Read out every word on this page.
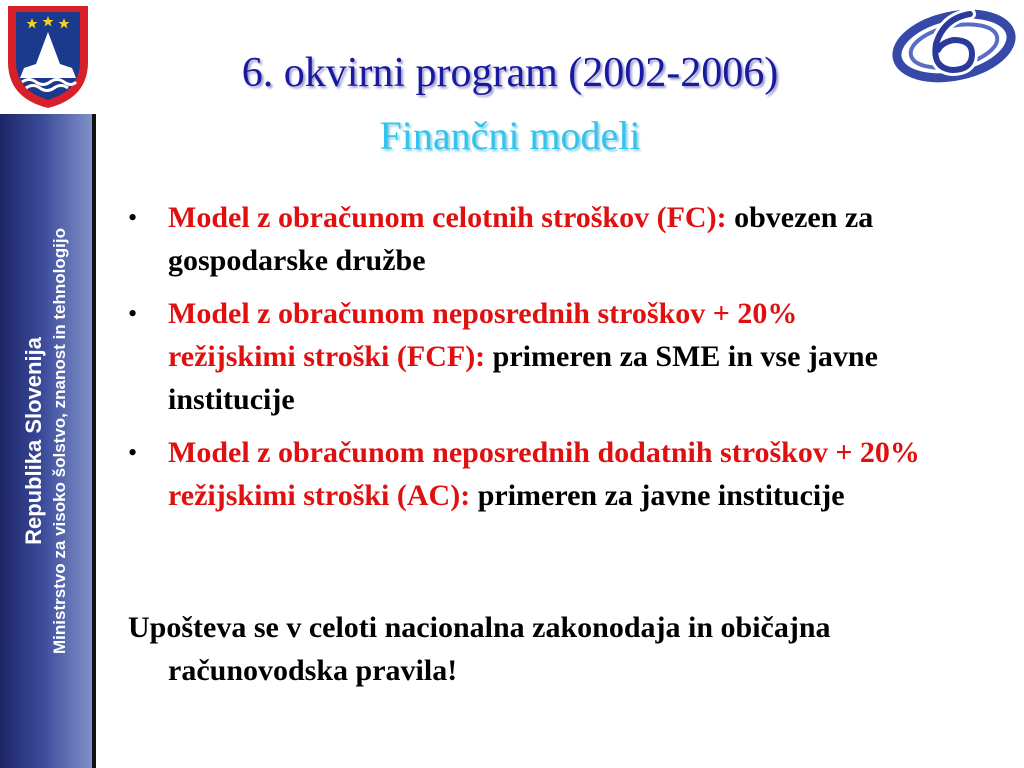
Republika Slovenija Ministrstvo za visoko šolstvo, znanost in tehnologijo
6. okvirni program (2002-2006)
Finančni modeli
• Model z obračunom celotnih stroškov (FC): obvezen za gospodarske družbe
• Model z obračunom neposrednih stroškov + 20% režijskimi stroški (FCF): primeren za SME in vse javne institucije
• Model z obračunom neposrednih dodatnih stroškov + 20% režijskimi stroški (AC): primeren za javne institucije
Upošteva se v celoti nacionalna zakonodaja in običajna računovodska pravila!
